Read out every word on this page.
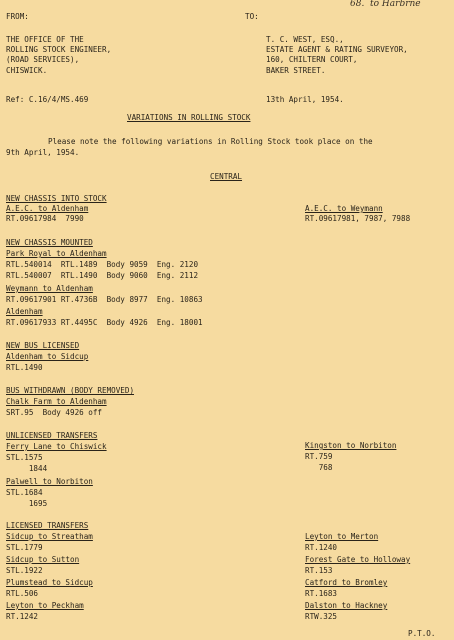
FROM:	TO:
68.  to Harbrne
THE OFFICE OF THE
ROLLING STOCK ENGINEER,
(ROAD SERVICES),
CHISWICK.
T. C. WEST, ESQ.,
ESTATE AGENT & RATING SURVEYOR,
160, CHILTERN COURT,
BAKER STREET.
Ref: C.16/4/MS.469	13th April, 1954.
VARIATIONS IN ROLLING STOCK
Please note the following variations in Rolling Stock took place on the
9th April, 1954.
CENTRAL
NEW CHASSIS INTO STOCK
A.E.C. to Aldenham
RT.09617984  7990
NEW CHASSIS MOUNTED
Park Royal to Aldenham
RTL.540014  RTL.1489  Body 9059  Eng. 2120
RTL.540007  RTL.1490  Body 9060  Eng. 2112
Weymann to Aldenham
RT.09617901 RT.4736B  Body 8977  Eng. 10863
Aldenham
RT.09617933 RT.4495C  Body 4926  Eng. 18001
NEW BUS LICENSED
Aldenham to Sidcup
RTL.1490
BUS WITHDRAWN (BODY REMOVED)
Chalk Farm to Aldenham
SRT.95  Body 4926 off
UNLICENSED TRANSFERS
Ferry Lane to Chiswick
STL.1575
1844
Palwell to Norbiton
STL.1684
1695
LICENSED TRANSFERS
Sidcup to Streatham
STL.1779
Sidcup to Sutton
STL.1922
Plumstead to Sidcup
RTL.506
Leyton to Peckham
RT.1242
A.E.C. to Weymann
RT.09617981, 7987, 7988
Kingston to Norbiton
RT.759
768
Leyton to Merton
RT.1240
Forest Gate to Holloway
RT.153
Catford to Bromley
RT.1683
Dalston to Hackney
RTW.325
P.T.O.
